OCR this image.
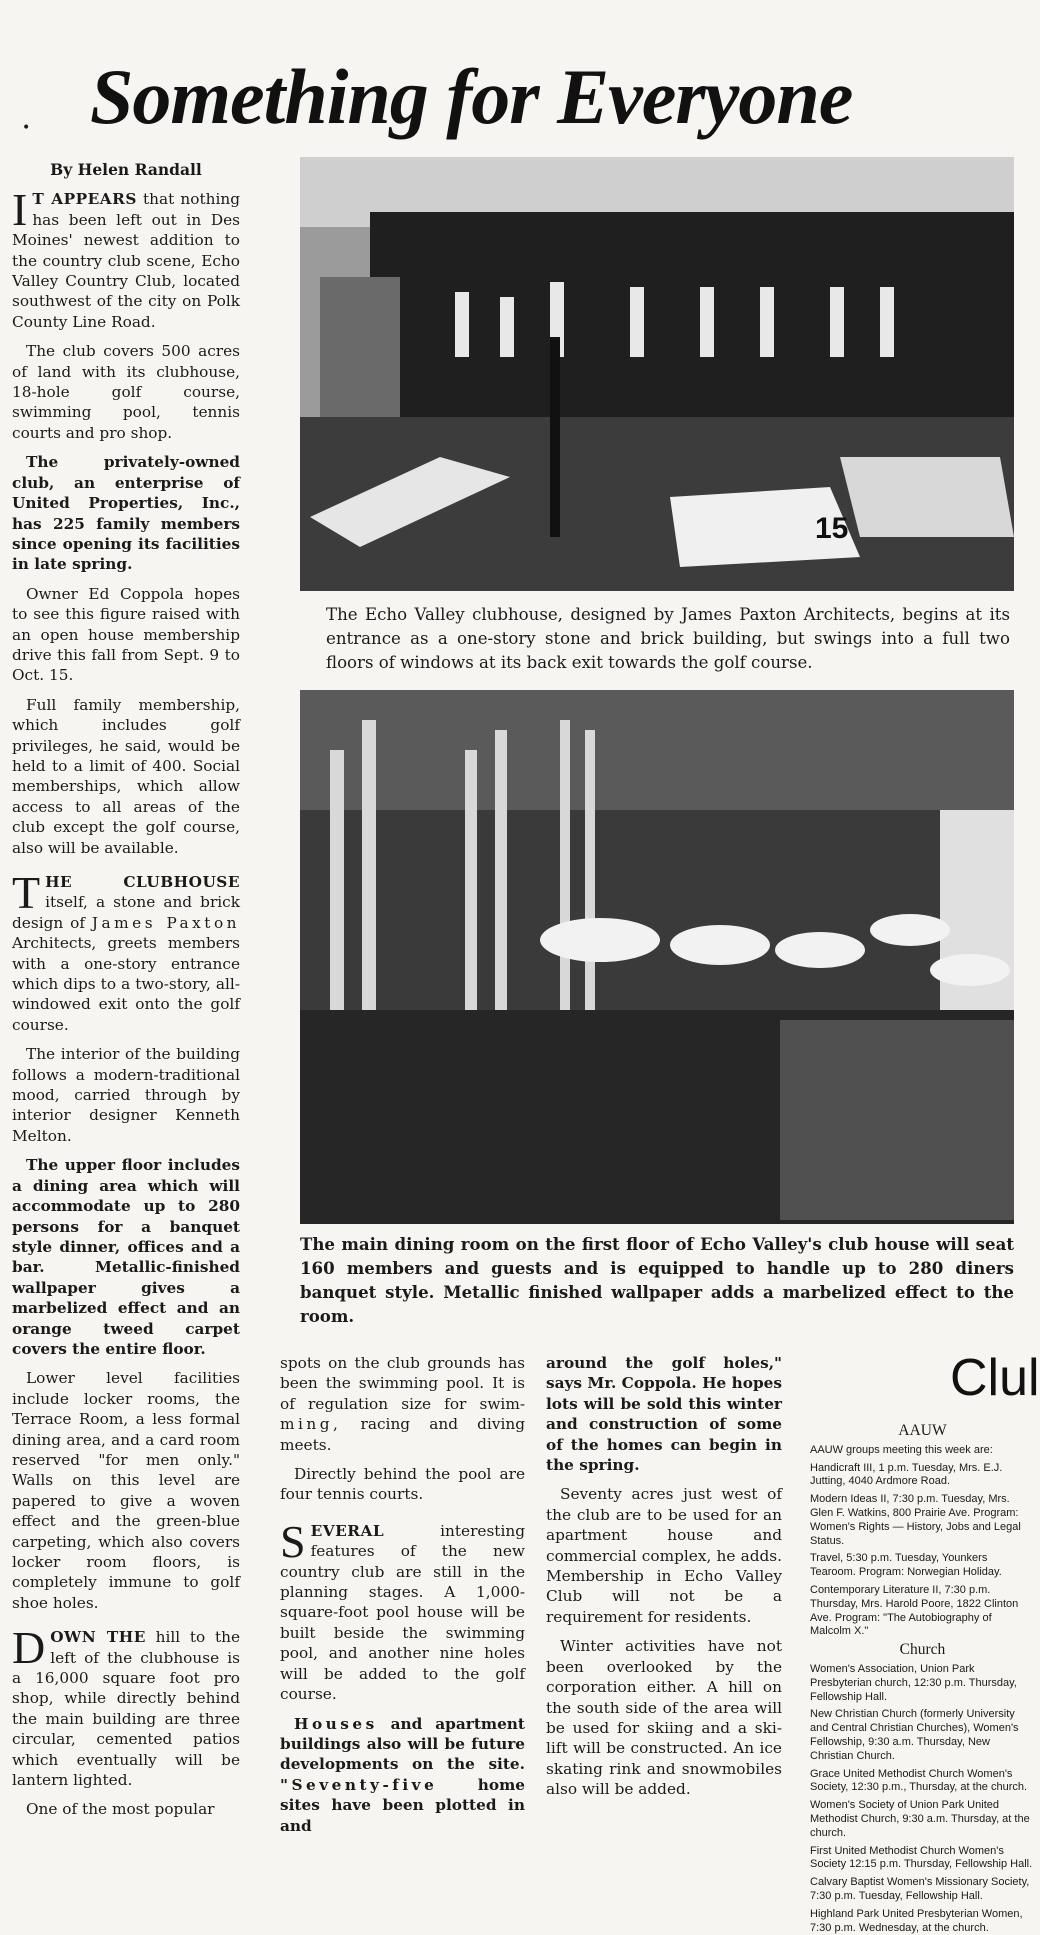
Something for Everyone
•

By Helen Randall

I T APPEARS that nothing has been left out in Des Moines' newest addition to the country club scene, Echo Valley Country Club, located southwest of the city on Polk County Line Road.

The club covers 500 acres of land with its clubhouse, 18-hole golf course, swimming pool, tennis courts and pro shop.

The privately-owned club, an enterprise of United Properties, Inc., has 225 family members since opening its facilities in late spring.

Owner Ed Coppola hopes to see this figure raised with an open house membership drive this fall from Sept. 9 to Oct. 15.

Full family membership, which includes golf privileges, he said, would be held to a limit of 400. Social memberships, which allow access to all areas of the club except the golf course, also will be available.

THE CLUBHOUSE itself, a stone and brick design of James Paxton Architects, greets members with a one-story entrance which dips to a two-story, all-windowed exit onto the golf course.

The interior of the building follows a modern-traditional mood, carried through by interior designer Kenneth Melton.

The upper floor includes a dining area which will accommodate up to 280 persons for a banquet style dinner, offices and a bar. Metallic-finished wallpaper gives a marbelized effect and an orange tweed carpet covers the entire floor.

Lower level facilities include locker rooms, the Terrace Room, a less formal dining area, and a card room reserved "for men only." Walls on this level are papered to give a woven effect and the green-blue carpeting, which also covers locker room floors, is completely immune to golf shoe holes.

DOWN THE hill to the left of the clubhouse is a 16,000 square foot pro shop, while directly behind the main building are three circular, cemented patios which eventually will be lantern lighted.

One of the most popular

15
The Echo Valley clubhouse, designed by James Paxton Architects, begins at its entrance as a one-story stone and brick building, but swings into a full two floors of windows at its back exit towards the golf course.
The main dining room on the first floor of Echo Valley's club house will seat 160 members and guests and is equipped to handle up to 280 diners banquet style. Metallic finished wallpaper adds a marbelized effect to the room.

spots on the club grounds has been the swimming pool. It is of regulation size for swim-ming, racing and diving meets.

Directly behind the pool are four tennis courts.

SEVERAL interesting features of the new country club are still in the planning stages. A 1,000-square-foot pool house will be built beside the swimming pool, and another nine holes will be added to the golf course.

Houses and apartment buildings also will be future developments on the site. "Seventy-five home sites have been plotted in and

around the golf holes," says Mr. Coppola. He hopes lots will be sold this winter and construction of some of the homes can begin in the spring.

Seventy acres just west of the club are to be used for an apartment house and commercial complex, he adds. Membership in Echo Valley Club will not be a requirement for residents.

Winter activities have not been overlooked by the corporation either. A hill on the south side of the area will be used for skiing and a ski-lift will be constructed. An ice skating rink and snowmobiles also will be added.

Clul
AAUW

AAUW groups meeting this week are:

Handicraft III, 1 p.m. Tuesday, Mrs. E.J. Jutting, 4040 Ardmore Road.

Modern Ideas II, 7:30 p.m. Tuesday, Mrs. Glen F. Watkins, 800 Prairie Ave. Program: Women's Rights — History, Jobs and Legal Status.

Travel, 5:30 p.m. Tuesday, Younkers Tearoom. Program: Norwegian Holiday.

Contemporary Literature II, 7:30 p.m. Thursday, Mrs. Harold Poore, 1822 Clinton Ave. Program: "The Autobiography of Malcolm X."

Church

Women's Association, Union Park Presbyterian church, 12:30 p.m. Thursday, Fellowship Hall.

New Christian Church (formerly University and Central Christian Churches), Women's Fellowship, 9:30 a.m. Thursday, New Christian Church.

Grace United Methodist Church Women's Society, 12:30 p.m., Thursday, at the church.

Women's Society of Union Park United Methodist Church, 9:30 a.m. Thursday, at the church.

First United Methodist Church Women's Society 12:15 p.m. Thursday, Fellowship Hall.

Calvary Baptist Women's Missionary Society, 7:30 p.m. Tuesday, Fellowship Hall.

Highland Park United Presbyterian Women, 7:30 p.m. Wednesday, at the church.
